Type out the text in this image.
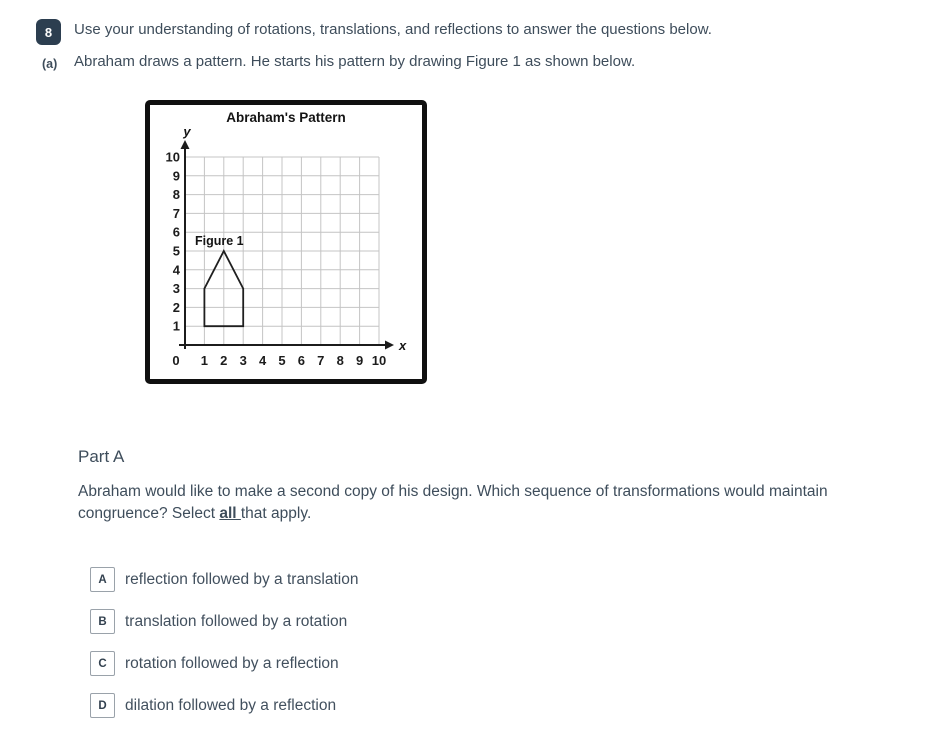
8 Use your understanding of rotations, translations, and reflections to answer the questions below.
(a) Abraham draws a pattern. He starts his pattern by drawing Figure 1 as shown below.
Abraham's Pattern
y
x
0 1 2 3 4 5 6 7 8 9 10
1
2
3
4
5
6
7
8
9
10
Figure 1
Part A

Abraham would like to make a second copy of his design. Which sequence of transformations would maintain congruence? Select all that apply.

A	reflection followed by a translation
B	translation followed by a rotation
C	rotation followed by a reflection
D	dilation followed by a reflection
